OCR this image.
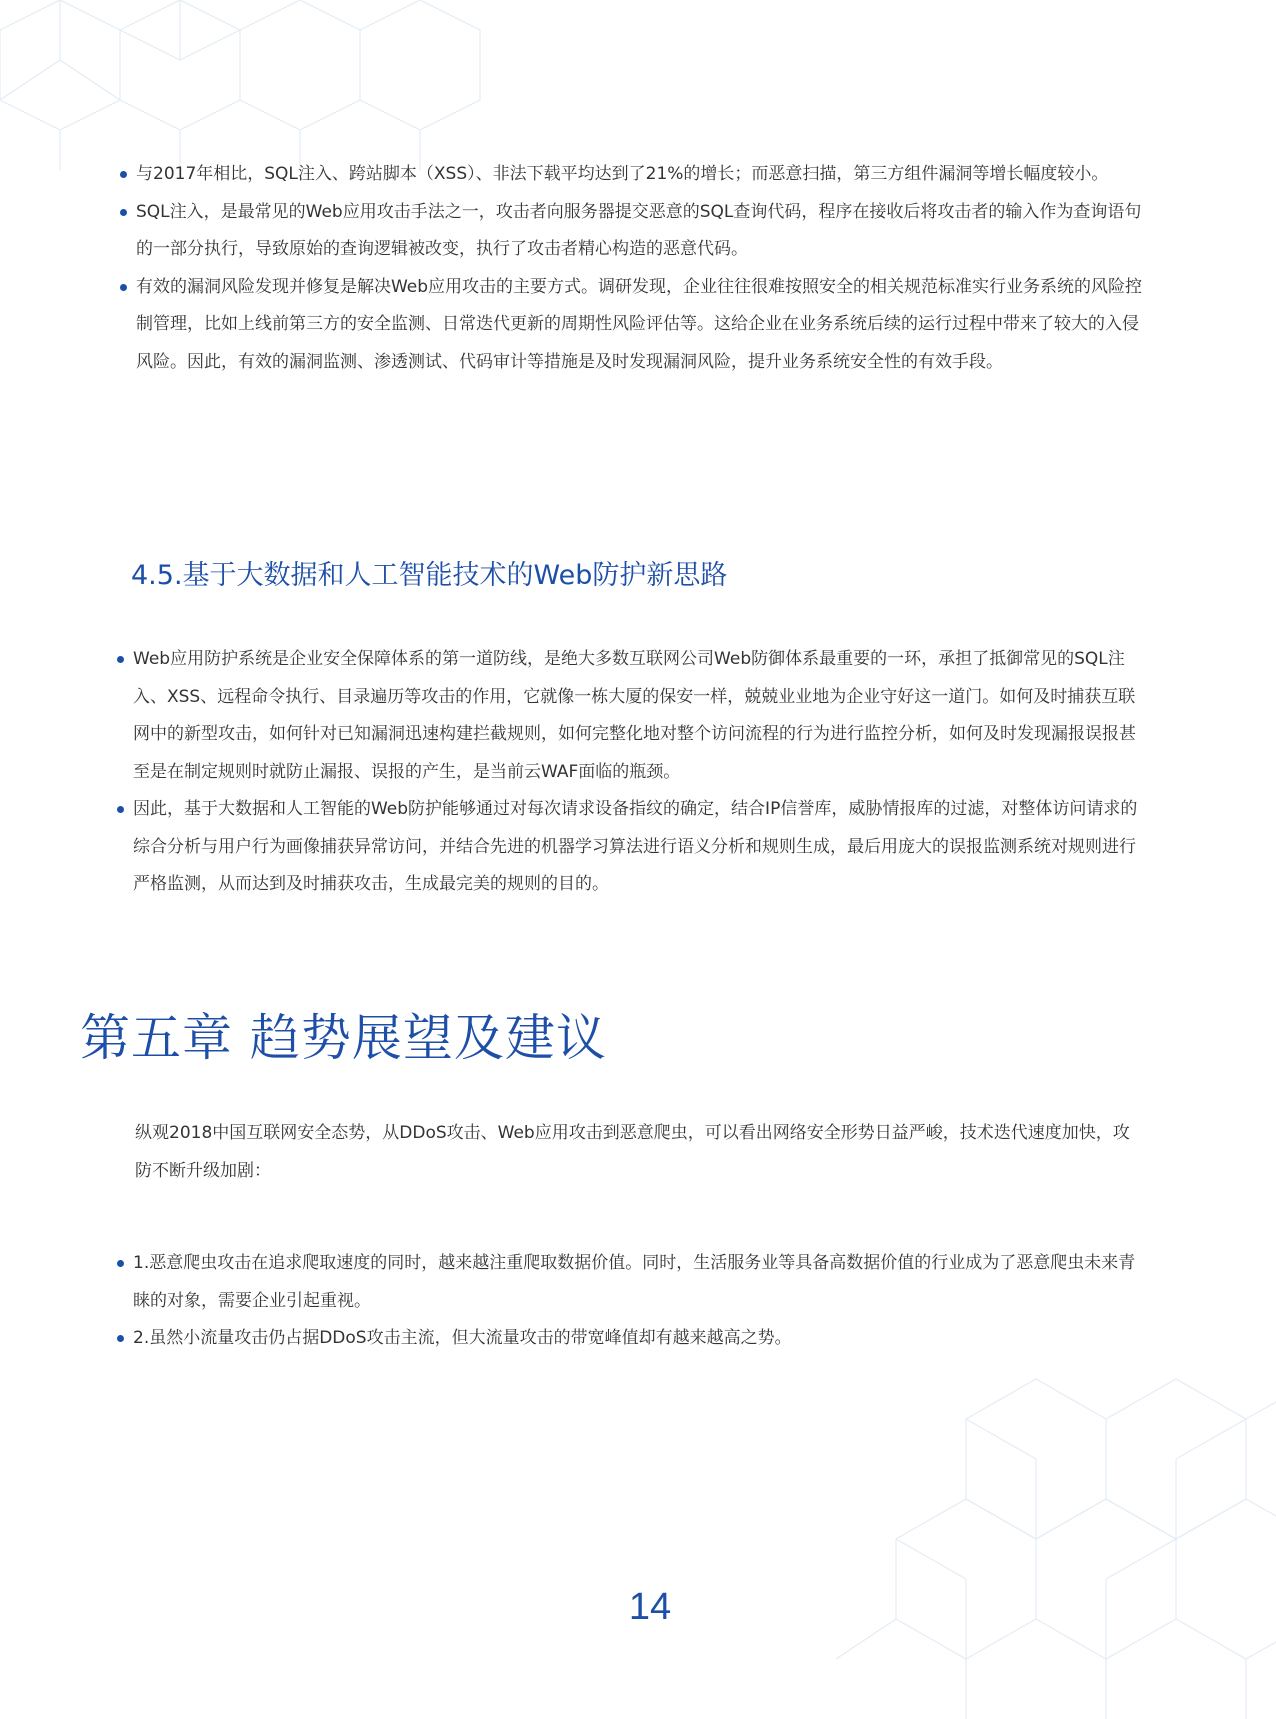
与2017年相比，SQL注入、跨站脚本（XSS）、非法下载平均达到了21%的增长；而恶意扫描，第三方组件漏洞等增长幅度较小。
SQL注入，是最常见的Web应用攻击手法之一，攻击者向服务器提交恶意的SQL查询代码，程序在接收后将攻击者的输入作为查询语句的一部分执行，导致原始的查询逻辑被改变，执行了攻击者精心构造的恶意代码。
有效的漏洞风险发现并修复是解决Web应用攻击的主要方式。调研发现，企业往往很难按照安全的相关规范标准实行业务系统的风险控制管理，比如上线前第三方的安全监测、日常迭代更新的周期性风险评估等。这给企业在业务系统后续的运行过程中带来了较大的入侵风险。因此，有效的漏洞监测、渗透测试、代码审计等措施是及时发现漏洞风险，提升业务系统安全性的有效手段。
4.5.基于大数据和人工智能技术的Web防护新思路
Web应用防护系统是企业安全保障体系的第一道防线，是绝大多数互联网公司Web防御体系最重要的一环，承担了抵御常见的SQL注入、XSS、远程命令执行、目录遍历等攻击的作用，它就像一栋大厦的保安一样，兢兢业业地为企业守好这一道门。如何及时捕获互联网中的新型攻击，如何针对已知漏洞迅速构建拦截规则，如何完整化地对整个访问流程的行为进行监控分析，如何及时发现漏报误报甚至是在制定规则时就防止漏报、误报的产生，是当前云WAF面临的瓶颈。
因此，基于大数据和人工智能的Web防护能够通过对每次请求设备指纹的确定，结合IP信誉库，威胁情报库的过滤，对整体访问请求的综合分析与用户行为画像捕获异常访问，并结合先进的机器学习算法进行语义分析和规则生成，最后用庞大的误报监测系统对规则进行严格监测，从而达到及时捕获攻击，生成最完美的规则的目的。
第五章 趋势展望及建议

纵观2018中国互联网安全态势，从DDoS攻击、Web应用攻击到恶意爬虫，可以看出网络安全形势日益严峻，技术迭代速度加快，攻防不断升级加剧：

1.恶意爬虫攻击在追求爬取速度的同时，越来越注重爬取数据价值。同时，生活服务业等具备高数据价值的行业成为了恶意爬虫未来青睐的对象，需要企业引起重视。
2.虽然小流量攻击仍占据DDoS攻击主流，但大流量攻击的带宽峰值却有越来越高之势。
14
